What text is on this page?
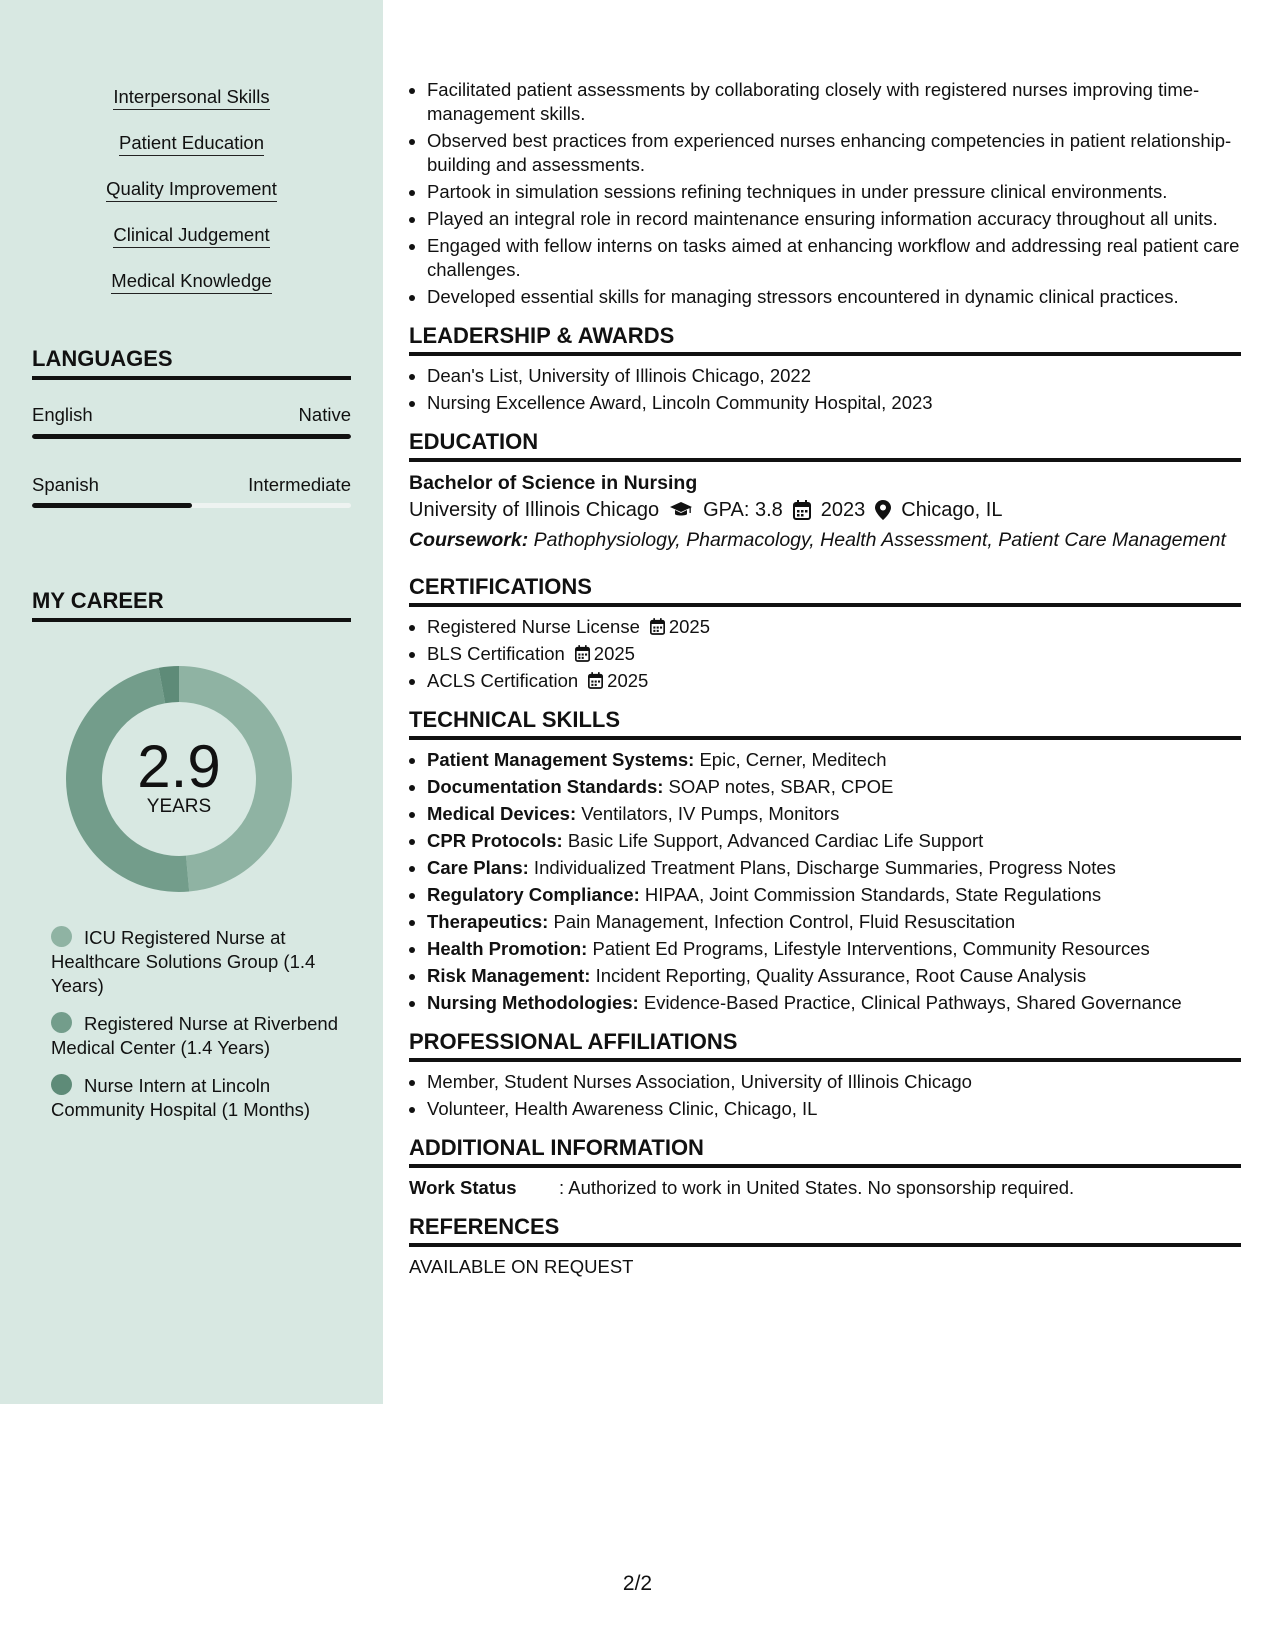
Interpersonal Skills
Patient Education
Quality Improvement
Clinical Judgement
Medical Knowledge
LANGUAGES
English	Native
Spanish	Intermediate
MY CAREER
2.9
YEARS
ICU Registered Nurse at Healthcare Solutions Group (1.4 Years)
Registered Nurse at Riverbend Medical Center (1.4 Years)
Nurse Intern at Lincoln Community Hospital (1 Months)
• Facilitated patient assessments by collaborating closely with registered nurses improving time-management skills.
• Observed best practices from experienced nurses enhancing competencies in patient relationship-building and assessments.
• Partook in simulation sessions refining techniques in under pressure clinical environments.
• Played an integral role in record maintenance ensuring information accuracy throughout all units.
• Engaged with fellow interns on tasks aimed at enhancing workflow and addressing real patient care challenges.
• Developed essential skills for managing stressors encountered in dynamic clinical practices.
LEADERSHIP & AWARDS
• Dean's List, University of Illinois Chicago, 2022
• Nursing Excellence Award, Lincoln Community Hospital, 2023
EDUCATION
Bachelor of Science in Nursing
University of Illinois Chicago GPA: 3.8 2023 Chicago, IL
Coursework: Pathophysiology, Pharmacology, Health Assessment, Patient Care Management
CERTIFICATIONS
• Registered Nurse License 2025
• BLS Certification 2025
• ACLS Certification 2025
TECHNICAL SKILLS
• Patient Management Systems: Epic, Cerner, Meditech
• Documentation Standards: SOAP notes, SBAR, CPOE
• Medical Devices: Ventilators, IV Pumps, Monitors
• CPR Protocols: Basic Life Support, Advanced Cardiac Life Support
• Care Plans: Individualized Treatment Plans, Discharge Summaries, Progress Notes
• Regulatory Compliance: HIPAA, Joint Commission Standards, State Regulations
• Therapeutics: Pain Management, Infection Control, Fluid Resuscitation
• Health Promotion: Patient Ed Programs, Lifestyle Interventions, Community Resources
• Risk Management: Incident Reporting, Quality Assurance, Root Cause Analysis
• Nursing Methodologies: Evidence-Based Practice, Clinical Pathways, Shared Governance
PROFESSIONAL AFFILIATIONS
• Member, Student Nurses Association, University of Illinois Chicago
• Volunteer, Health Awareness Clinic, Chicago, IL
ADDITIONAL INFORMATION
Work Status	: Authorized to work in United States. No sponsorship required.
REFERENCES
AVAILABLE ON REQUEST
2/2
